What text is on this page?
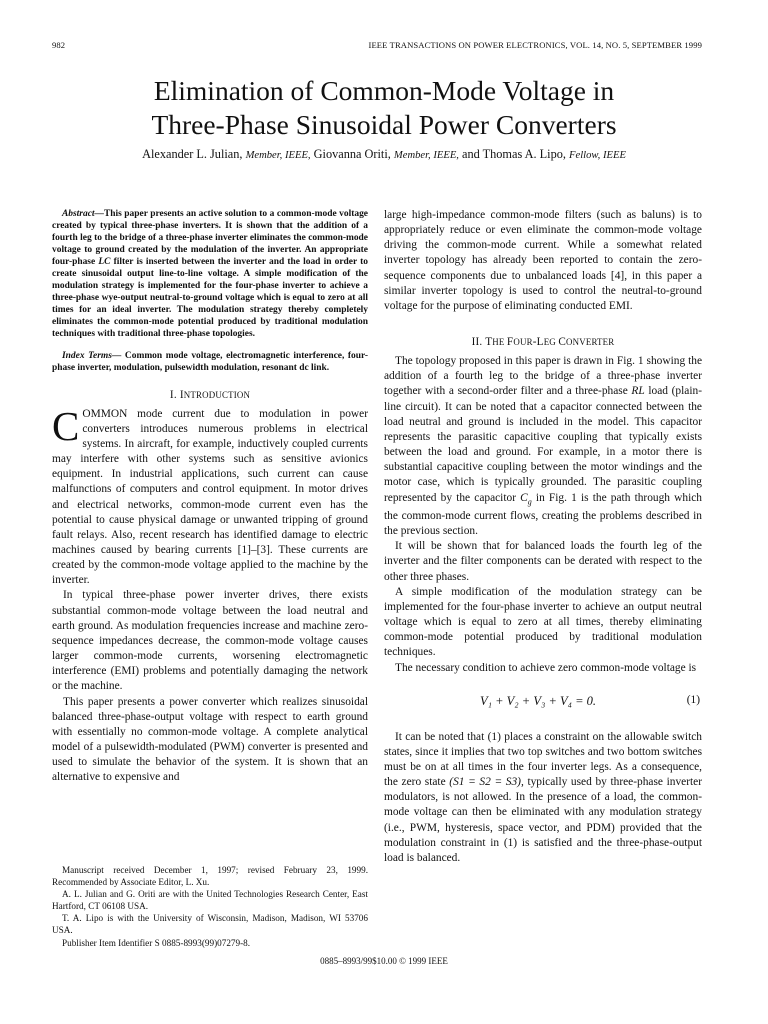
982	IEEE TRANSACTIONS ON POWER ELECTRONICS, VOL. 14, NO. 5, SEPTEMBER 1999
Elimination of Common-Mode Voltage in
Three-Phase Sinusoidal Power Converters
Alexander L. Julian, Member, IEEE, Giovanna Oriti, Member, IEEE, and Thomas A. Lipo, Fellow, IEEE

Abstract—This paper presents an active solution to a common-mode voltage created by typical three-phase inverters. It is shown that the addition of a fourth leg to the bridge of a three-phase inverter eliminates the common-mode voltage to ground created by the modulation of the inverter. An appropriate four-phase LC filter is inserted between the inverter and the load in order to create sinusoidal output line-to-line voltage. A simple modification of the modulation strategy is implemented for the four-phase inverter to achieve a three-phase wye-output neutral-to-ground voltage which is equal to zero at all times for an ideal inverter. The modulation strategy thereby completely eliminates the common-mode potential produced by traditional modulation techniques with traditional three-phase topologies.

Index Terms— Common mode voltage, electromagnetic interference, four-phase inverter, modulation, pulsewidth modulation, resonant dc link.

I. INTRODUCTION

COMMON mode current due to modulation in power converters introduces numerous problems in electrical systems. In aircraft, for example, inductively coupled currents may interfere with other systems such as sensitive avionics equipment. In industrial applications, such current can cause malfunctions of computers and control equipment. In motor drives and electrical networks, common-mode current even has the potential to cause physical damage or unwanted tripping of ground fault relays. Also, recent research has identified damage to electric machines caused by bearing currents [1]–[3]. These currents are created by the common-mode voltage applied to the machine by the inverter.

In typical three-phase power inverter drives, there exists substantial common-mode voltage between the load neutral and earth ground. As modulation frequencies increase and machine zero-sequence impedances decrease, the common-mode voltage causes larger common-mode currents, worsening electromagnetic interference (EMI) problems and potentially damaging the network or the machine.

This paper presents a power converter which realizes sinusoidal balanced three-phase-output voltage with respect to earth ground with essentially no common-mode voltage. A complete analytical model of a pulsewidth-modulated (PWM) converter is presented and used to simulate the behavior of the system. It is shown that an alternative to expensive and

Manuscript received December 1, 1997; revised February 23, 1999. Recommended by Associate Editor, L. Xu.

A. L. Julian and G. Oriti are with the United Technologies Research Center, East Hartford, CT 06108 USA.

T. A. Lipo is with the University of Wisconsin, Madison, Madison, WI 53706 USA.

Publisher Item Identifier S 0885-8993(99)07279-8.

large high-impedance common-mode filters (such as baluns) is to appropriately reduce or even eliminate the common-mode voltage driving the common-mode current. While a somewhat related inverter topology has already been reported to contain the zero-sequence components due to unbalanced loads [4], in this paper a similar inverter topology is used to control the neutral-to-ground voltage for the purpose of eliminating conducted EMI.

II. THE FOUR-LEG CONVERTER

The topology proposed in this paper is drawn in Fig. 1 showing the addition of a fourth leg to the bridge of a three-phase inverter together with a second-order filter and a three-phase RL load (plain-line circuit). It can be noted that a capacitor connected between the load neutral and ground is included in the model. This capacitor represents the parasitic capacitive coupling that typically exists between the load and ground. For example, in a motor there is substantial capacitive coupling between the motor windings and the motor case, which is typically grounded. The parasitic coupling represented by the capacitor $C_g$ in Fig. 1 is the path through which the common-mode current flows, creating the problems described in the previous section.

It will be shown that for balanced loads the fourth leg of the inverter and the filter components can be derated with respect to the other three phases.

A simple modification of the modulation strategy can be implemented for the four-phase inverter to achieve an output neutral voltage which is equal to zero at all times, thereby eliminating common-mode potential produced by traditional modulation techniques.

The necessary condition to achieve zero common-mode voltage is

V₁ + V₂ + V₃ + V₄ = 0.	(1)

It can be noted that (1) places a constraint on the allowable switch states, since it implies that two top switches and two bottom switches must be on at all times in the four inverter legs. As a consequence, the zero state (S1 = S2 = S3), typically used by three-phase inverter modulators, is not allowed. In the presence of a load, the common-mode voltage can then be eliminated with any modulation strategy (i.e., PWM, hysteresis, space vector, and PDM) provided that the modulation constraint in (1) is satisfied and the three-phase-output load is balanced.

0885–8993/99$10.00 © 1999 IEEE
